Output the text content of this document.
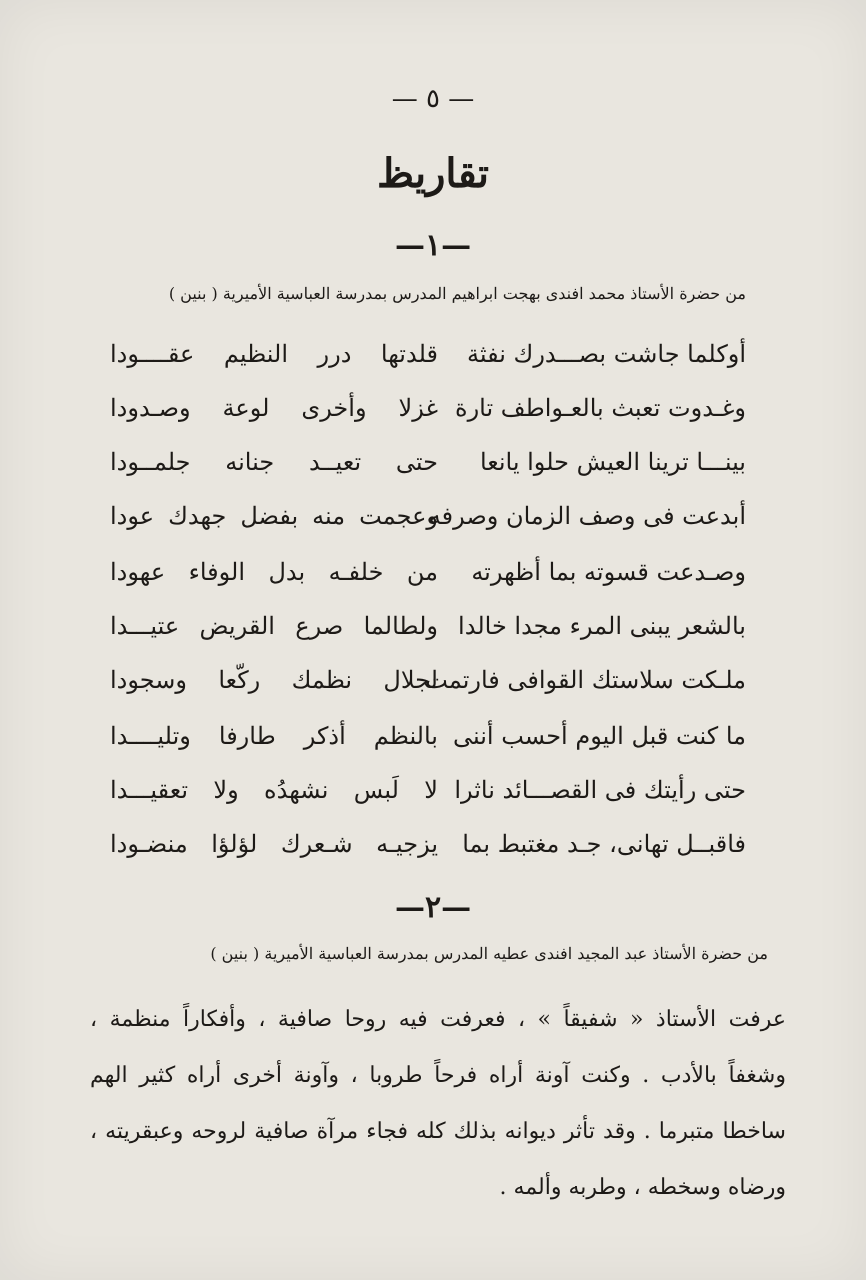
— ٥ —
تقاريظ
—١—
من حضرة الأستاذ محمد افندى بهجت ابراهيم المدرس بمدرسة العباسية الأميرية ( بنين )
أوكلما جاشت بصـــدرك نفثة
قلدتها درر النظيم عقــــودا
وغـدوت تعبث بالعـواطف تارة
غزلا وأخرى لوعة وصـدودا
بينـــا ترينا العيش حلوا يانعا
حتى تعيــد جنانه جلمــودا
أبدعت فى وصف الزمان وصرفه
وعجمت منه بفضل جهدك عودا
وصـدعت قسوته بما أظهرته
من خلفـه بدل الوفاء عهودا
بالشعر يبنى المرء مجدا خالدا
ولطالما صرع القريض عتيـــدا
ملـكت سلاستك القوافى فارتمت
لجلال نظمك ركّعا وسجودا
ما كنت قبل اليوم أحسب أننى
بالنظم أذكر طارفا وتليــــدا
حتى رأيتك فى القصـــائد ناثرا
لا لَبس نشهدُه ولا تعقيـــدا
فاقبــل تهانى، جـد مغتبط بما
يزجيـه شـعرك لؤلؤا منضـودا
—٢—
من حضرة الأستاذ عبد المجيد افندى عطيه المدرس بمدرسة العباسية الأميرية ( بنين )
عرفت الأستاذ « شفيقاً » ، فعرفت فيه روحا صافية ، وأفكاراً منظمة ،
وشغفاً بالأدب . وكنت آونة أراه فرحاً طروبا ، وآونة أخرى أراه كثير الهم
ساخطا متبرما . وقد تأثر ديوانه بذلك كله فجاء مرآة صافية لروحه وعبقريته ،
ورضاه وسخطه ، وطربه وألمه .
